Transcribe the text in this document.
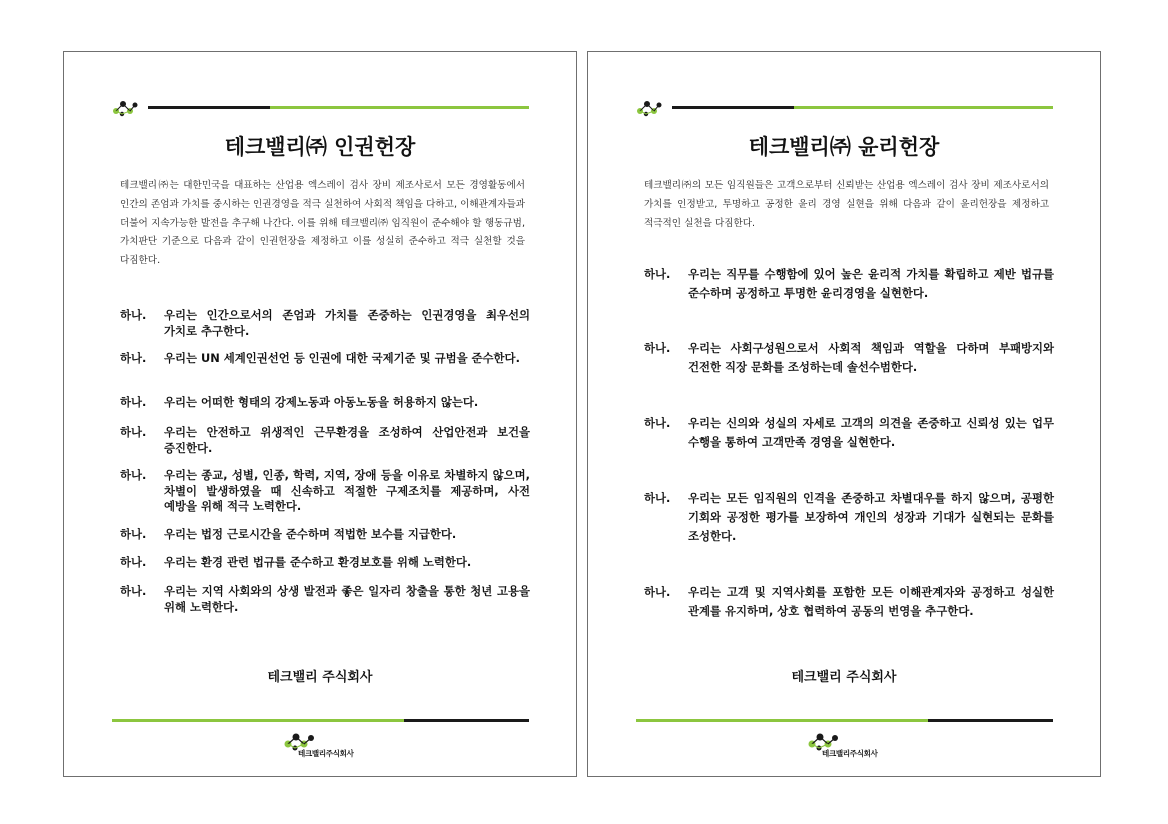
테크밸리㈜ 인권헌장
테크밸리㈜는 대한민국을 대표하는 산업용 엑스레이 검사 장비 제조사로서 모든 경영활동에서 인간의 존엄과 가치를 중시하는 인권경영을 적극 실천하여 사회적 책임을 다하고, 이해관계자들과 더불어 지속가능한 발전을 추구해 나간다. 이를 위해 테크밸리㈜ 임직원이 준수해야 할 행동규범, 가치판단 기준으로 다음과 같이 인권헌장을 제정하고 이를 성실히 준수하고 적극 실천할 것을 다짐한다.
하나.	우리는 인간으로서의 존엄과 가치를 존중하는 인권경영을 최우선의 가치로 추구한다.
하나.	우리는 UN 세계인권선언 등 인권에 대한 국제기준 및 규범을 준수한다.
하나.	우리는 어떠한 형태의 강제노동과 아동노동을 허용하지 않는다.
하나.	우리는 안전하고 위생적인 근무환경을 조성하여 산업안전과 보건을 증진한다.
하나.	우리는 종교, 성별, 인종, 학력, 지역, 장애 등을 이유로 차별하지 않으며, 차별이 발생하였을 때 신속하고 적절한 구제조치를 제공하며, 사전 예방을 위해 적극 노력한다.
하나.	우리는 법정 근로시간을 준수하며 적법한 보수를 지급한다.
하나.	우리는 환경 관련 법규를 준수하고 환경보호를 위해 노력한다.
하나.	우리는 지역 사회와의 상생 발전과 좋은 일자리 창출을 통한 청년 고용을 위해 노력한다.
테크밸리 주식회사
테크밸리주식회사
테크밸리㈜ 윤리헌장
테크밸리㈜의 모든 임직원들은 고객으로부터 신뢰받는 산업용 엑스레이 검사 장비 제조사로서의 가치를 인정받고, 투명하고 공정한 윤리 경영 실현을 위해 다음과 같이 윤리헌장을 제정하고 적극적인 실천을 다짐한다.
하나.	우리는 직무를 수행함에 있어 높은 윤리적 가치를 확립하고 제반 법규를 준수하며 공정하고 투명한 윤리경영을 실현한다.
하나.	우리는 사회구성원으로서 사회적 책임과 역할을 다하며 부패방지와 건전한 직장 문화를 조성하는데 솔선수범한다.
하나.	우리는 신의와 성실의 자세로 고객의 의견을 존중하고 신뢰성 있는 업무 수행을 통하여 고객만족 경영을 실현한다.
하나.	우리는 모든 임직원의 인격을 존중하고 차별대우를 하지 않으며, 공평한 기회와 공정한 평가를 보장하여 개인의 성장과 기대가 실현되는 문화를 조성한다.
하나.	우리는 고객 및 지역사회를 포함한 모든 이해관계자와 공정하고 성실한 관계를 유지하며, 상호 협력하여 공동의 번영을 추구한다.
테크밸리 주식회사
테크밸리주식회사
